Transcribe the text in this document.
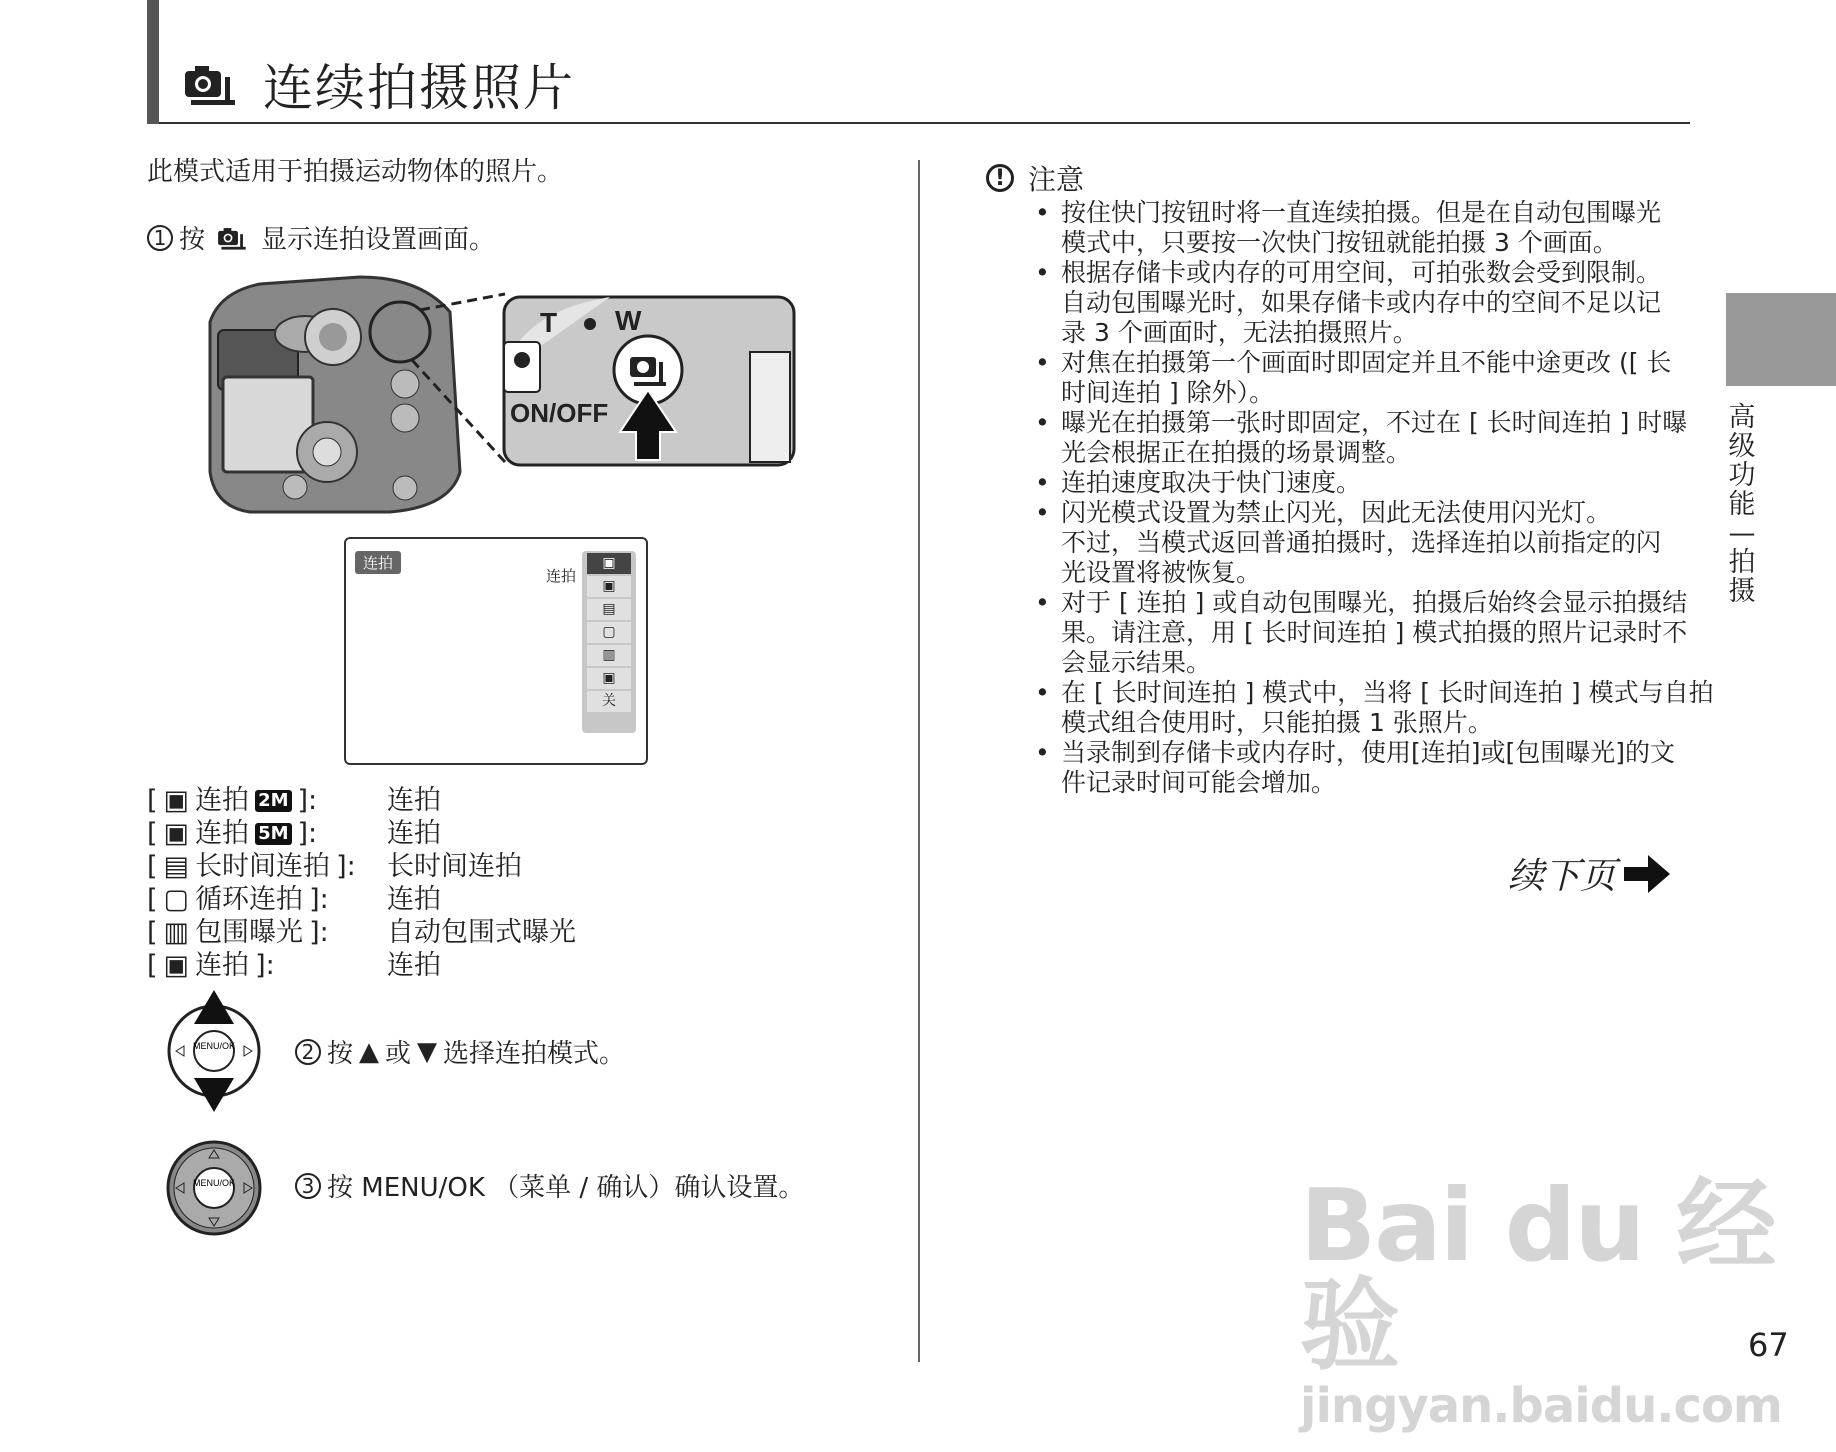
连续拍摄照片
此模式适用于拍摄运动物体的照片。
1 按 显示连拍设置画面。
T W
ON/OFF
连拍
连拍
▣
▣
▤
▢
▥
▣
关
[ ▣ 连拍 2M ]:	连拍
[ ▣ 连拍 5M ]:	连拍
[ ▤ 长时间连拍 ]: 长时间连拍
[ ▢ 循环连拍 ]: 连拍
[ ▥ 包围曝光 ]: 自动包围式曝光
[ ▣ 连拍 ]:	连拍
MENU/OK	2 按 ▲ 或 ▼ 选择连拍模式。
MENU/OK	3 按 MENU/OK （菜单 / 确认）确认设置。
! 注意
• 按住快门按钮时将一直连续拍摄。但是在自动包围曝光
模式中，只要按一次快门按钮就能拍摄 3 个画面。
• 根据存储卡或内存的可用空间，可拍张数会受到限制。
自动包围曝光时，如果存储卡或内存中的空间不足以记
录 3 个画面时，无法拍摄照片。
• 对焦在拍摄第一个画面时即固定并且不能中途更改 ([ 长
时间连拍 ] 除外）。
• 曝光在拍摄第一张时即固定，不过在 [ 长时间连拍 ] 时曝
光会根据正在拍摄的场景调整。
• 连拍速度取决于快门速度。
• 闪光模式设置为禁止闪光，因此无法使用闪光灯。
不过，当模式返回普通拍摄时，选择连拍以前指定的闪
光设置将被恢复。
• 对于 [ 连拍 ] 或自动包围曝光，拍摄后始终会显示拍摄结
果。请注意，用 [ 长时间连拍 ] 模式拍摄的照片记录时不
会显示结果。
• 在 [ 长时间连拍 ] 模式中，当将 [ 长时间连拍 ] 模式与自拍
模式组合使用时，只能拍摄 1 张照片。
• 当录制到存储卡或内存时，使用[连拍]或[包围曝光]的文
件记录时间可能会增加。
续下页
高级功能—拍摄
Bai du 经验
jingyan.baidu.com
67
